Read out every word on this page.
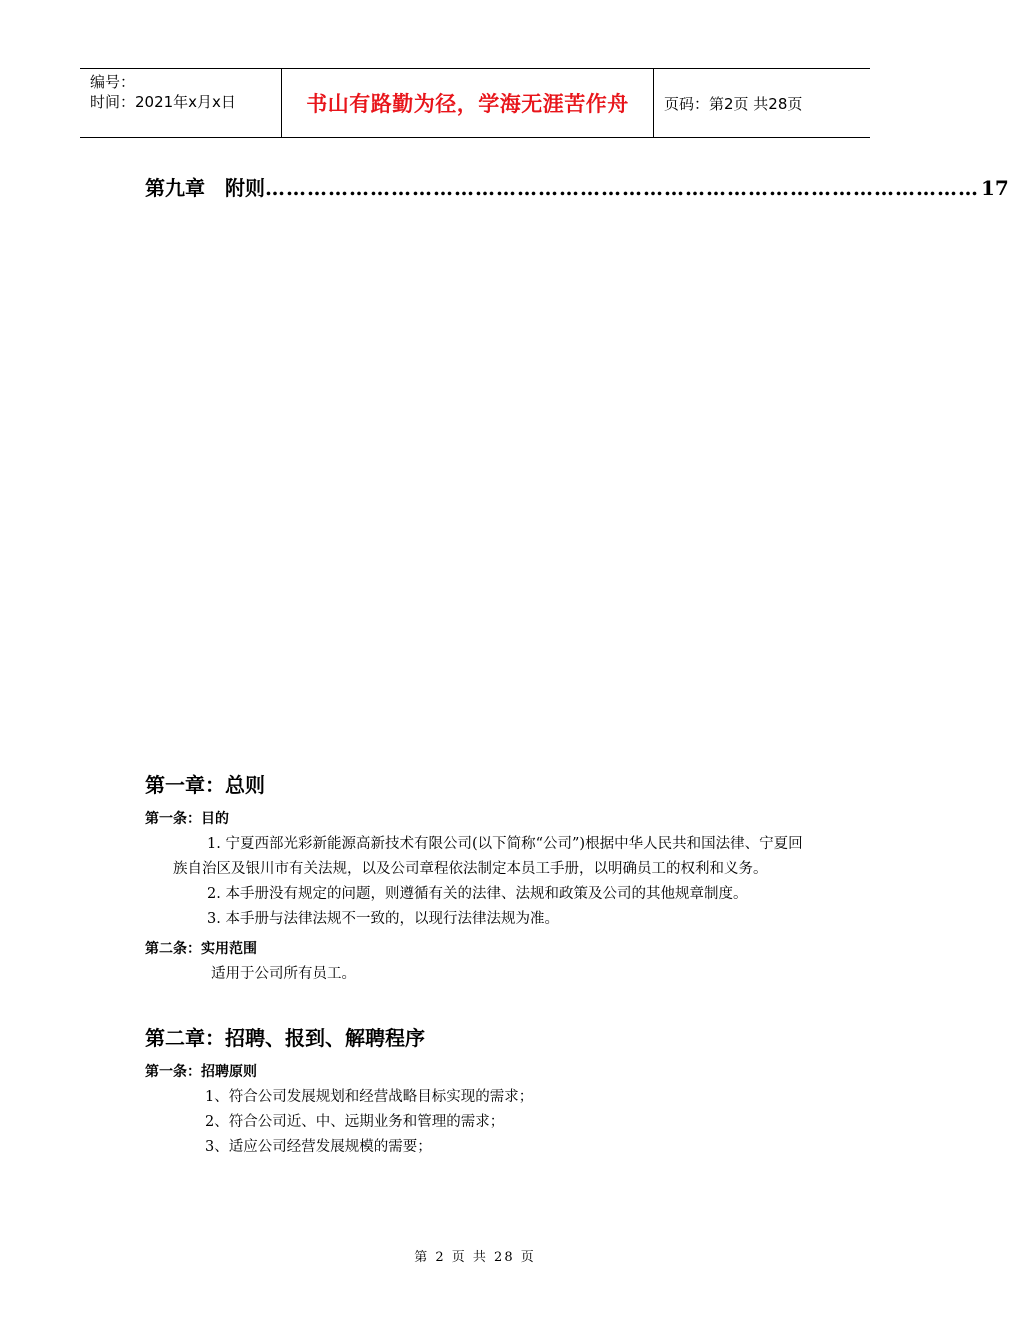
编号：
时间：2021年x月x日	书山有路勤为径，学海无涯苦作舟	页码：第2页 共28页
第九章　附则 ………………………………………………………………………………………… 17
第一章：总则
第一条：目的

1. 宁夏西部光彩新能源高新技术有限公司(以下简称“公司”)根据中华人民共和国法律、宁夏回族自治区及银川市有关法规，以及公司章程依法制定本员工手册，以明确员工的权利和义务。

2. 本手册没有规定的问题，则遵循有关的法律、法规和政策及公司的其他规章制度。

3. 本手册与法律法规不一致的，以现行法律法规为准。

第二条：实用范围

适用于公司所有员工。

第二章：招聘、报到、解聘程序
第一条：招聘原则

1、符合公司发展规划和经营战略目标实现的需求；

2、符合公司近、中、远期业务和管理的需求；

3、适应公司经营发展规模的需要；

第 2 页 共 28 页
